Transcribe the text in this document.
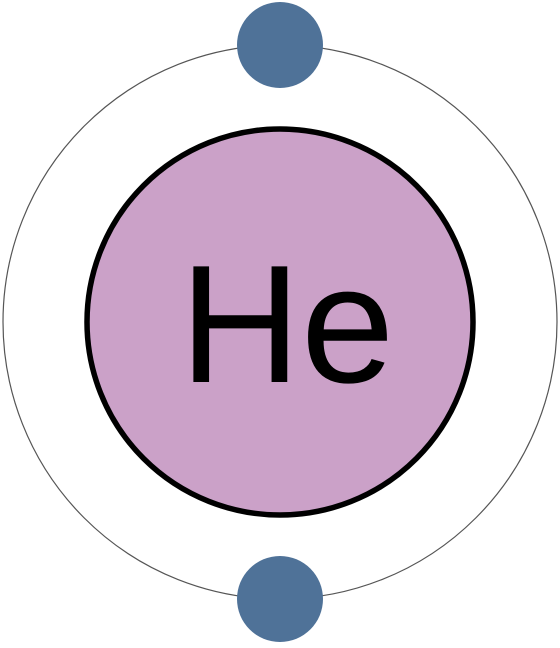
He
